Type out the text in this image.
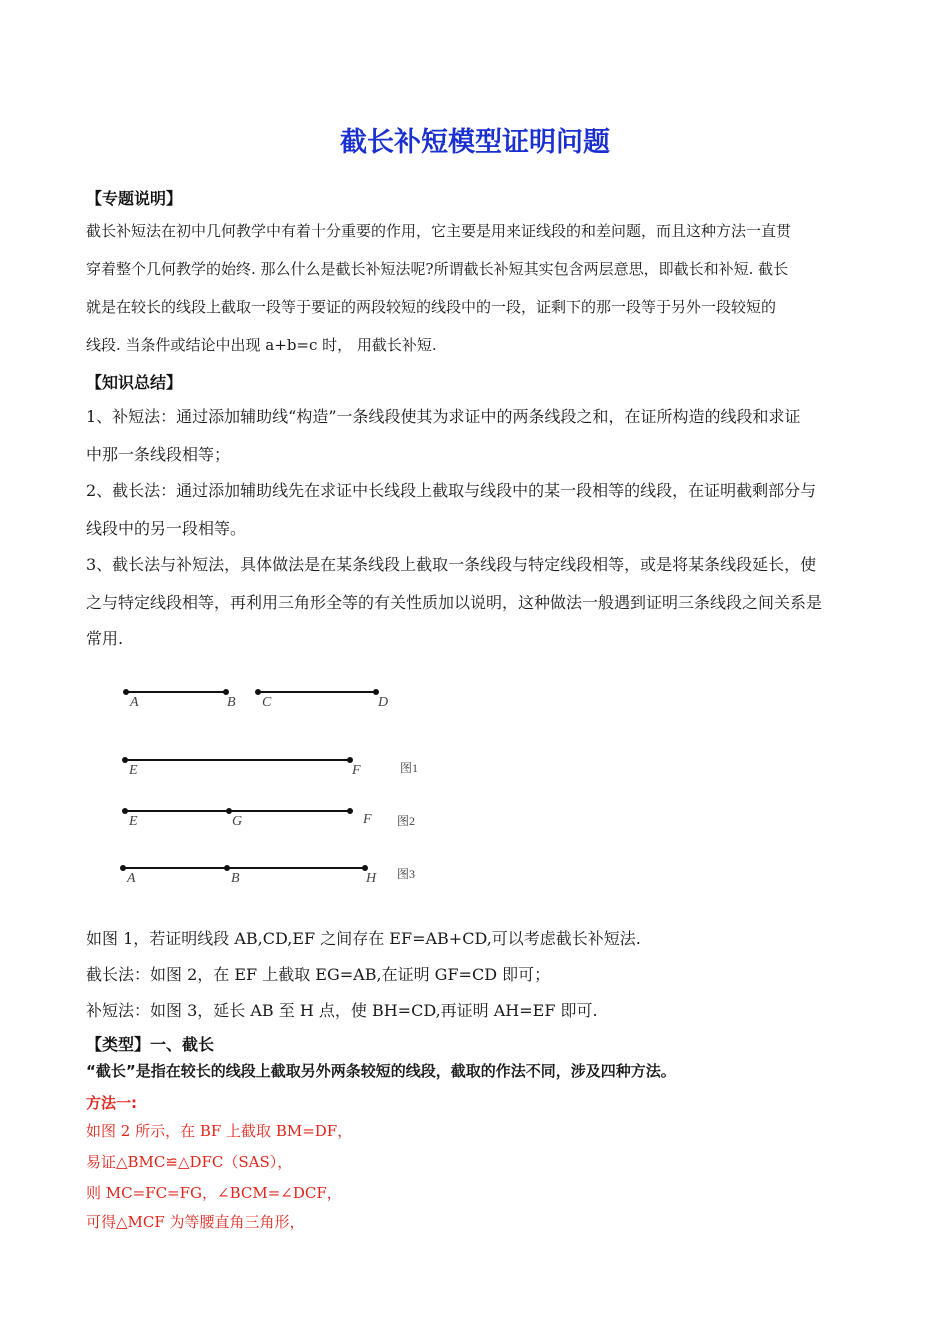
截长补短模型证明问题
【专题说明】
截长补短法在初中几何教学中有着十分重要的作用，它主要是用来证线段的和差问题，而且这种方法一直贯
穿着整个几何教学的始终. 那么什么是截长补短法呢?所谓截长补短其实包含两层意思，即截长和补短. 截长
就是在较长的线段上截取一段等于要证的两段较短的线段中的一段，证剩下的那一段等于另外一段较短的
线段. 当条件或结论中出现 a+b=c 时， 用截长补短.
【知识总结】
1、补短法：通过添加辅助线“构造”一条线段使其为求证中的两条线段之和，在证所构造的线段和求证
中那一条线段相等；
2、截长法：通过添加辅助线先在求证中长线段上截取与线段中的某一段相等的线段，在证明截剩部分与
线段中的另一段相等。
3、截长法与补短法，具体做法是在某条线段上截取一条线段与特定线段相等，或是将某条线段延长，使
之与特定线段相等，再利用三角形全等的有关性质加以说明，这种做法一般遇到证明三条线段之间关系是
常用.
A	B C	D
E	F
E	G	F
A	B	H
图1
图2
图3
如图 1，若证明线段 AB,CD,EF 之间存在 EF=AB+CD,可以考虑截长补短法.
截长法：如图 2，在 EF 上截取 EG=AB,在证明 GF=CD 即可；
补短法：如图 3，延长 AB 至 H 点，使 BH=CD,再证明 AH=EF 即可.
【类型】一、截长
“截长”是指在较长的线段上截取另外两条较短的线段，截取的作法不同，涉及四种方法。
方法一:
如图 2 所示，在 BF 上截取 BM=DF，
易证△BMC≌△DFC（SAS），
则 MC=FC=FG，∠BCM=∠DCF，
可得△MCF 为等腰直角三角形，
